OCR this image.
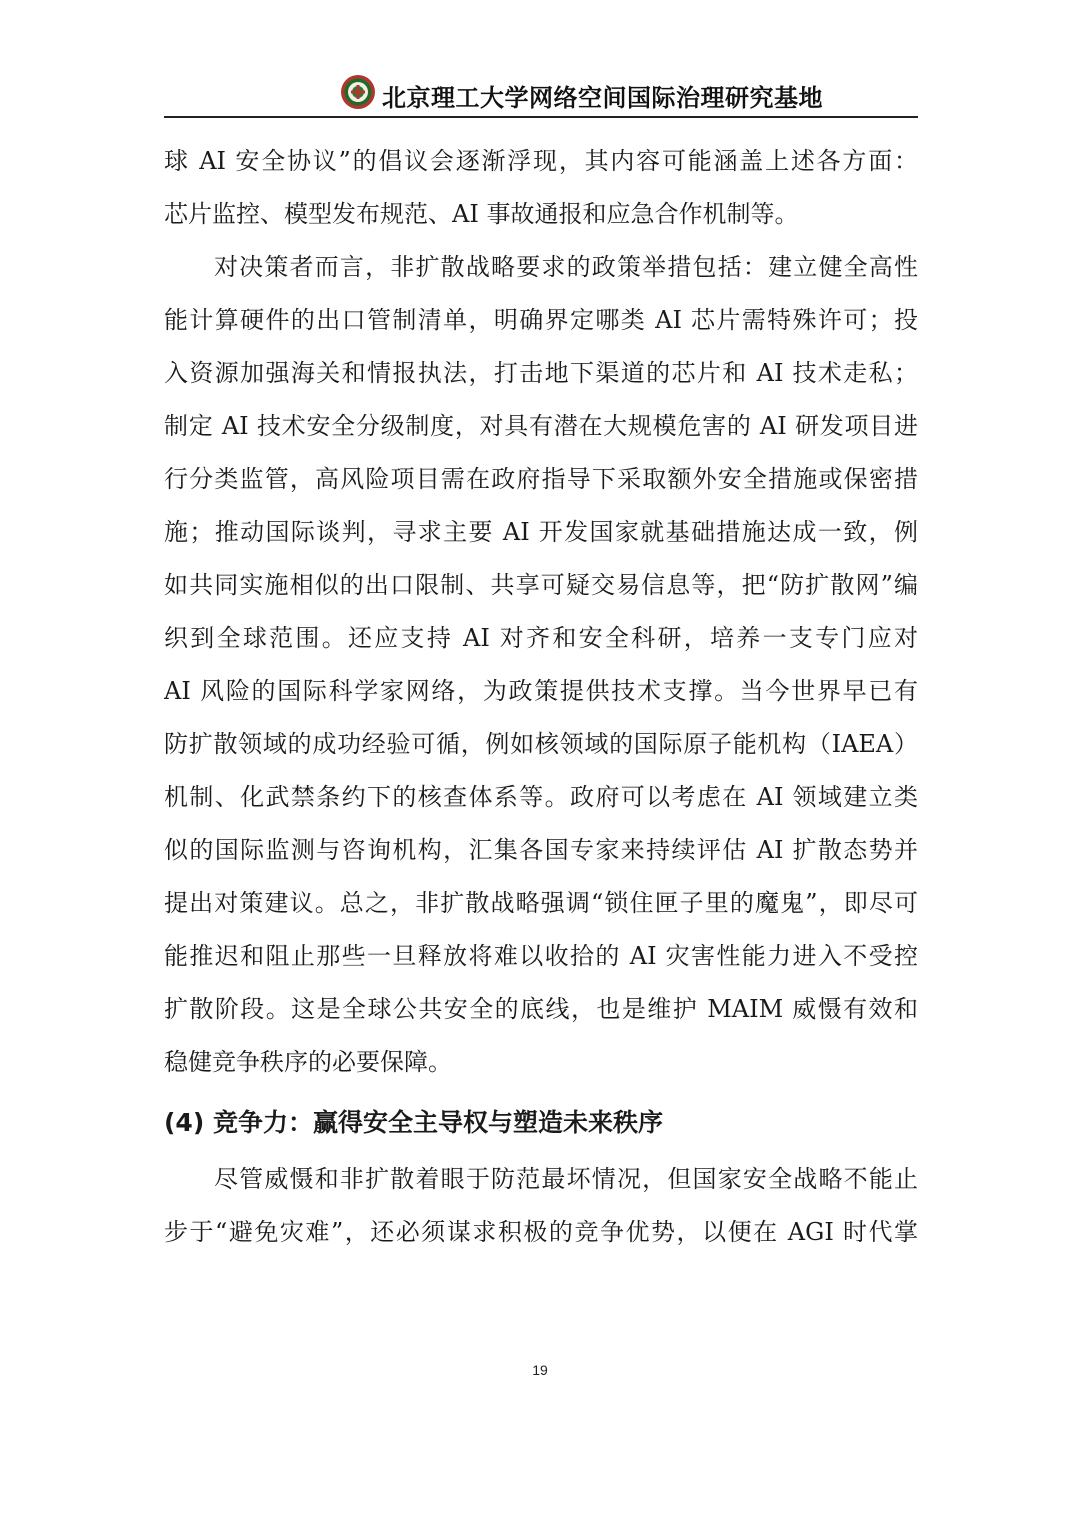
北京理工大学网络空间国际治理研究基地
球 AI 安全协议”的倡议会逐渐浮现，其内容可能涵盖上述各方面：
芯片监控、模型发布规范、AI 事故通报和应急合作机制等。
对决策者而言，非扩散战略要求的政策举措包括：建立健全高性
能计算硬件的出口管制清单，明确界定哪类 AI 芯片需特殊许可；投
入资源加强海关和情报执法，打击地下渠道的芯片和 AI 技术走私；
制定 AI 技术安全分级制度，对具有潜在大规模危害的 AI 研发项目进
行分类监管，高风险项目需在政府指导下采取额外安全措施或保密措
施；推动国际谈判，寻求主要 AI 开发国家就基础措施达成一致，例
如共同实施相似的出口限制、共享可疑交易信息等，把“防扩散网”编
织到全球范围。还应支持 AI 对齐和安全科研，培养一支专门应对
AI 风险的国际科学家网络，为政策提供技术支撑。当今世界早已有
防扩散领域的成功经验可循，例如核领域的国际原子能机构（IAEA）
机制、化武禁条约下的核查体系等。政府可以考虑在 AI 领域建立类
似的国际监测与咨询机构，汇集各国专家来持续评估 AI 扩散态势并
提出对策建议。总之，非扩散战略强调“锁住匣子里的魔鬼”，即尽可
能推迟和阻止那些一旦释放将难以收拾的 AI 灾害性能力进入不受控
扩散阶段。这是全球公共安全的底线，也是维护 MAIM 威慑有效和
稳健竞争秩序的必要保障。
(4) 竞争力：赢得安全主导权与塑造未来秩序
尽管威慑和非扩散着眼于防范最坏情况，但国家安全战略不能止
步于“避免灾难”，还必须谋求积极的竞争优势，以便在 AGI 时代掌
19
